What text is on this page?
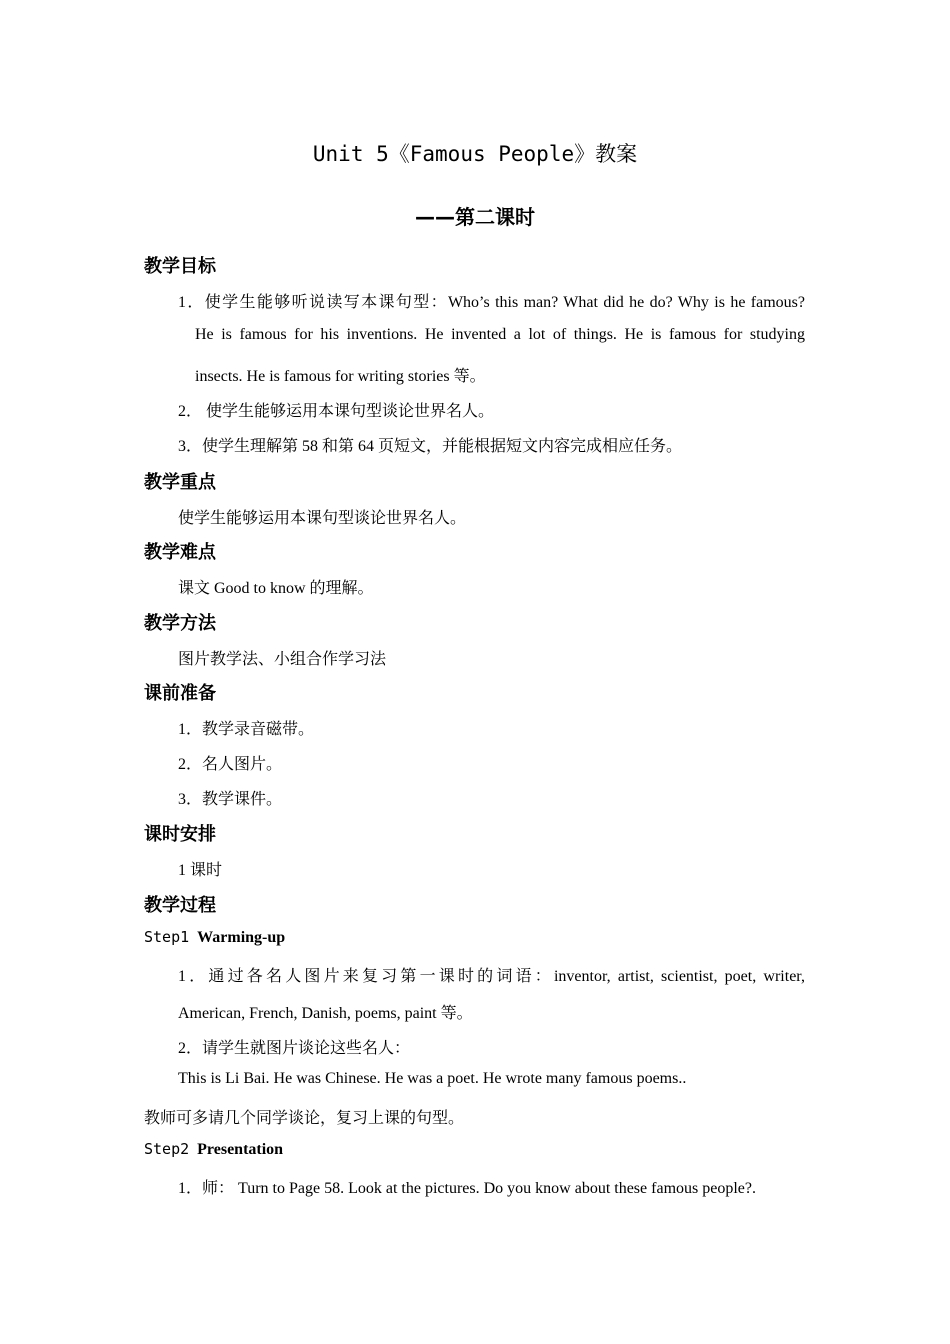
Unit 5《Famous People》教案
——第二课时
教学目标
1．使学生能够听说读写本课句型：Who’s this man? What did he do? Why is he famous?
He is famous for his inventions. He invented a lot of things. He is famous for studying
insects. He is famous for writing stories 等。
2． 使学生能够运用本课句型谈论世界名人。
3．使学生理解第 58 和第 64 页短文，并能根据短文内容完成相应任务。
教学重点
使学生能够运用本课句型谈论世界名人。
教学难点
课文 Good to know 的理解。
教学方法
图片教学法、小组合作学习法
课前准备
1．教学录音磁带。
2．名人图片。
3．教学课件。
课时安排
1 课时
教学过程
Step1 Warming-up
1．通过各名人图片来复习第一课时的词语：inventor, artist, scientist, poet, writer,
American, French, Danish, poems, paint 等。
2．请学生就图片谈论这些名人：
This is Li Bai. He was Chinese. He was a poet. He wrote many famous poems..
教师可多请几个同学谈论，复习上课的句型。
Step2 Presentation
1．师： Turn to Page 58. Look at the pictures. Do you know about these famous people?.
